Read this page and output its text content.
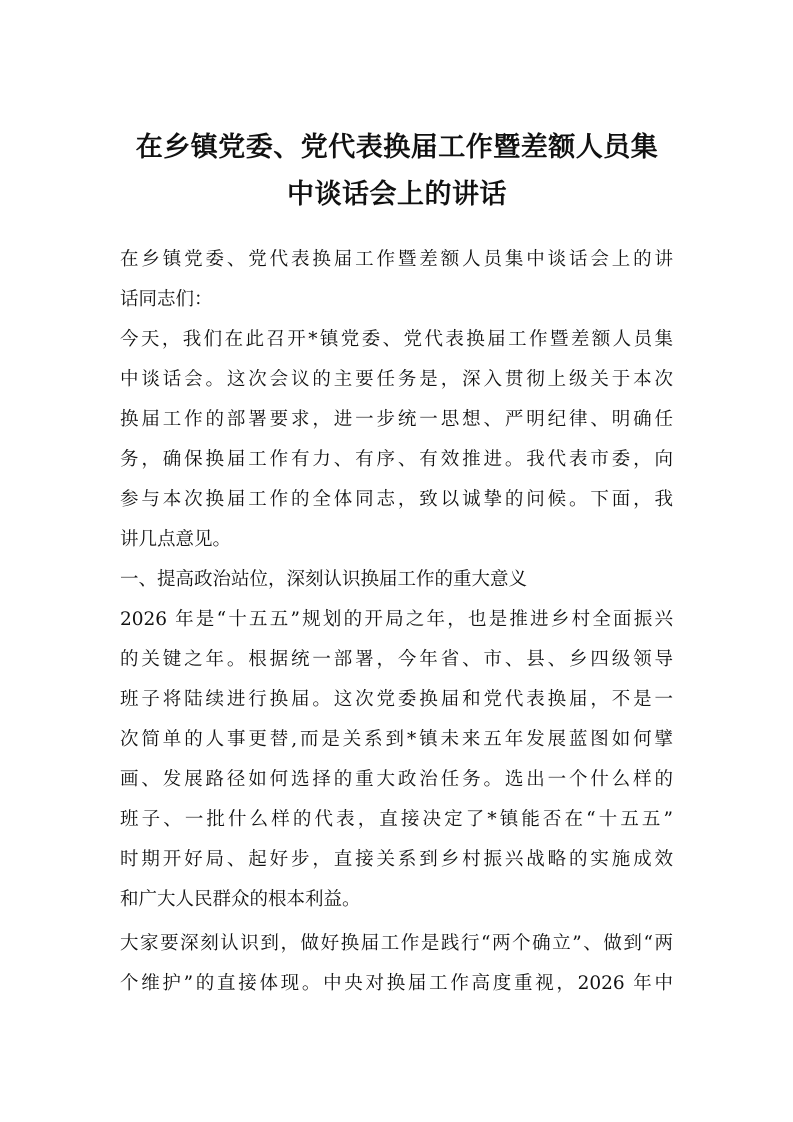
在乡镇党委、党代表换届工作暨差额人员集
中谈话会上的讲话
在乡镇党委、党代表换届工作暨差额人员集中谈话会上的讲
话同志们：
今天，我们在此召开*镇党委、党代表换届工作暨差额人员集
中谈话会。这次会议的主要任务是，深入贯彻上级关于本次
换届工作的部署要求，进一步统一思想、严明纪律、明确任
务，确保换届工作有力、有序、有效推进。我代表市委，向
参与本次换届工作的全体同志，致以诚挚的问候。下面，我
讲几点意见。
一、提高政治站位，深刻认识换届工作的重大意义
2026 年是“十五五”规划的开局之年，也是推进乡村全面振兴
的关键之年。根据统一部署，今年省、市、县、乡四级领导
班子将陆续进行换届。这次党委换届和党代表换届，不是一
次简单的人事更替,而是关系到*镇未来五年发展蓝图如何擘
画、发展路径如何选择的重大政治任务。选出一个什么样的
班子、一批什么样的代表，直接决定了*镇能否在“十五五”
时期开好局、起好步，直接关系到乡村振兴战略的实施成效
和广大人民群众的根本利益。
大家要深刻认识到，做好换届工作是践行“两个确立”、做到“两
个维护”的直接体现。中央对换届工作高度重视，2026 年中
